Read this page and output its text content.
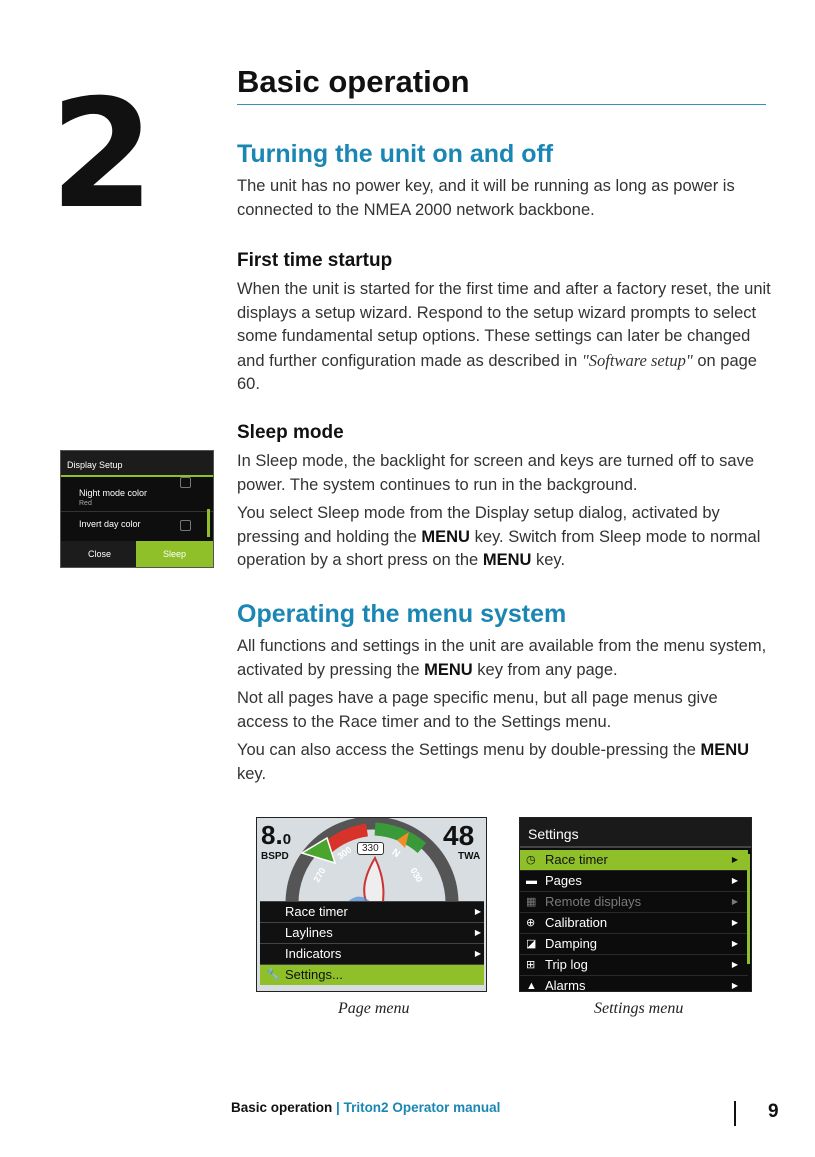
2	Basic operation
Turning the unit on and off
The unit has no power key, and it will be running as long as power is connected to the NMEA 2000 network backbone.
First time startup
When the unit is started for the first time and after a factory reset, the unit displays a setup wizard. Respond to the setup wizard prompts to select some fundamental setup options. These settings can later be changed and further configuration made as described in "Software setup" on page 60.
Sleep mode
In Sleep mode, the backlight for screen and keys are turned off to save power. The system continues to run in the background.
You select Sleep mode from the Display setup dialog, activated by pressing and holding the MENU key. Switch from Sleep mode to normal operation by a short press on the MENU key.
Display Setup
Night mode color
Red
Invert day color
Close	Sleep
Operating the menu system
All functions and settings in the unit are available from the menu system, activated by pressing the MENU key from any page.
Not all pages have a page specific menu, but all page menus give access to the Race timer and to the Settings menu.
You can also access the Settings menu by double-pressing the MENU key.
8.0
BSPD
48
TWA
330
300
270
N
030
Race timer	▶
Laylines	▶
Indicators	▶
🔧 Settings...
Page menu
Settings
◷ Race timer	▶
▬ Pages	▶
▦ Remote displays	▶
⊕ Calibration	▶
◪ Damping	▶
⊞ Trip log	▶
▲ Alarms	▶
Settings menu
Basic operation | Triton2 Operator manual	9
